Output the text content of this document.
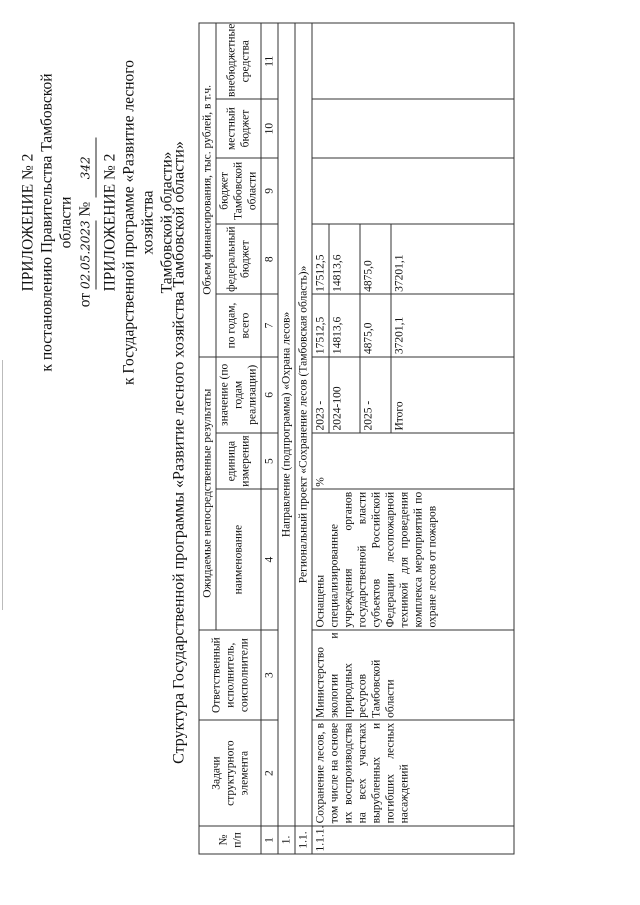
ПРИЛОЖЕНИЕ № 2 к постановлению Правительства Тамбовской области
от 02.05.2023 № 342 ПРИЛОЖЕНИЕ № 2 к Государственной программе «Развитие лесного хозяйства Тамбовской области»
Структура Государственной программы «Развитие лесного хозяйства Тамбовской области»
№ п/п	Задачи структурного элемента	Ответственный исполнитель, соисполнители	Ожидаемые непосредственные результаты			Объем финансирования, тыс. рублей, в т.ч.				
			наименование	единица измерения	значение (по годам реализации)	по годам, всего	федеральный бюджет	бюджет Тамбовской области	местный бюджет	внебюджетные средства
1	2	3	4	5	6	7	8	9	10	11
1.	Направление (подпрограмма) «Охрана лесов»									
1.1.	Региональный проект «Сохранение лесов (Тамбовская область)»									
1.1.1.	Сохранение лесов, в том числе на основе их воспроизводства на всех участках вырубленных и погибших лесных насаждений	Министерство экологии и природных ресурсов Тамбовской области	Оснащены специализированные учреждения органов государственной власти субъектов Российской Федерации лесопожарной техникой для проведения комплекса мероприятий по охране лесов от пожаров	%	2023 -	17512,5	17512,5			
					2024-100	14813,6	14813,6			
					2025 -	4875,0	4875,0			
					Итого	37201,1	37201,1			
